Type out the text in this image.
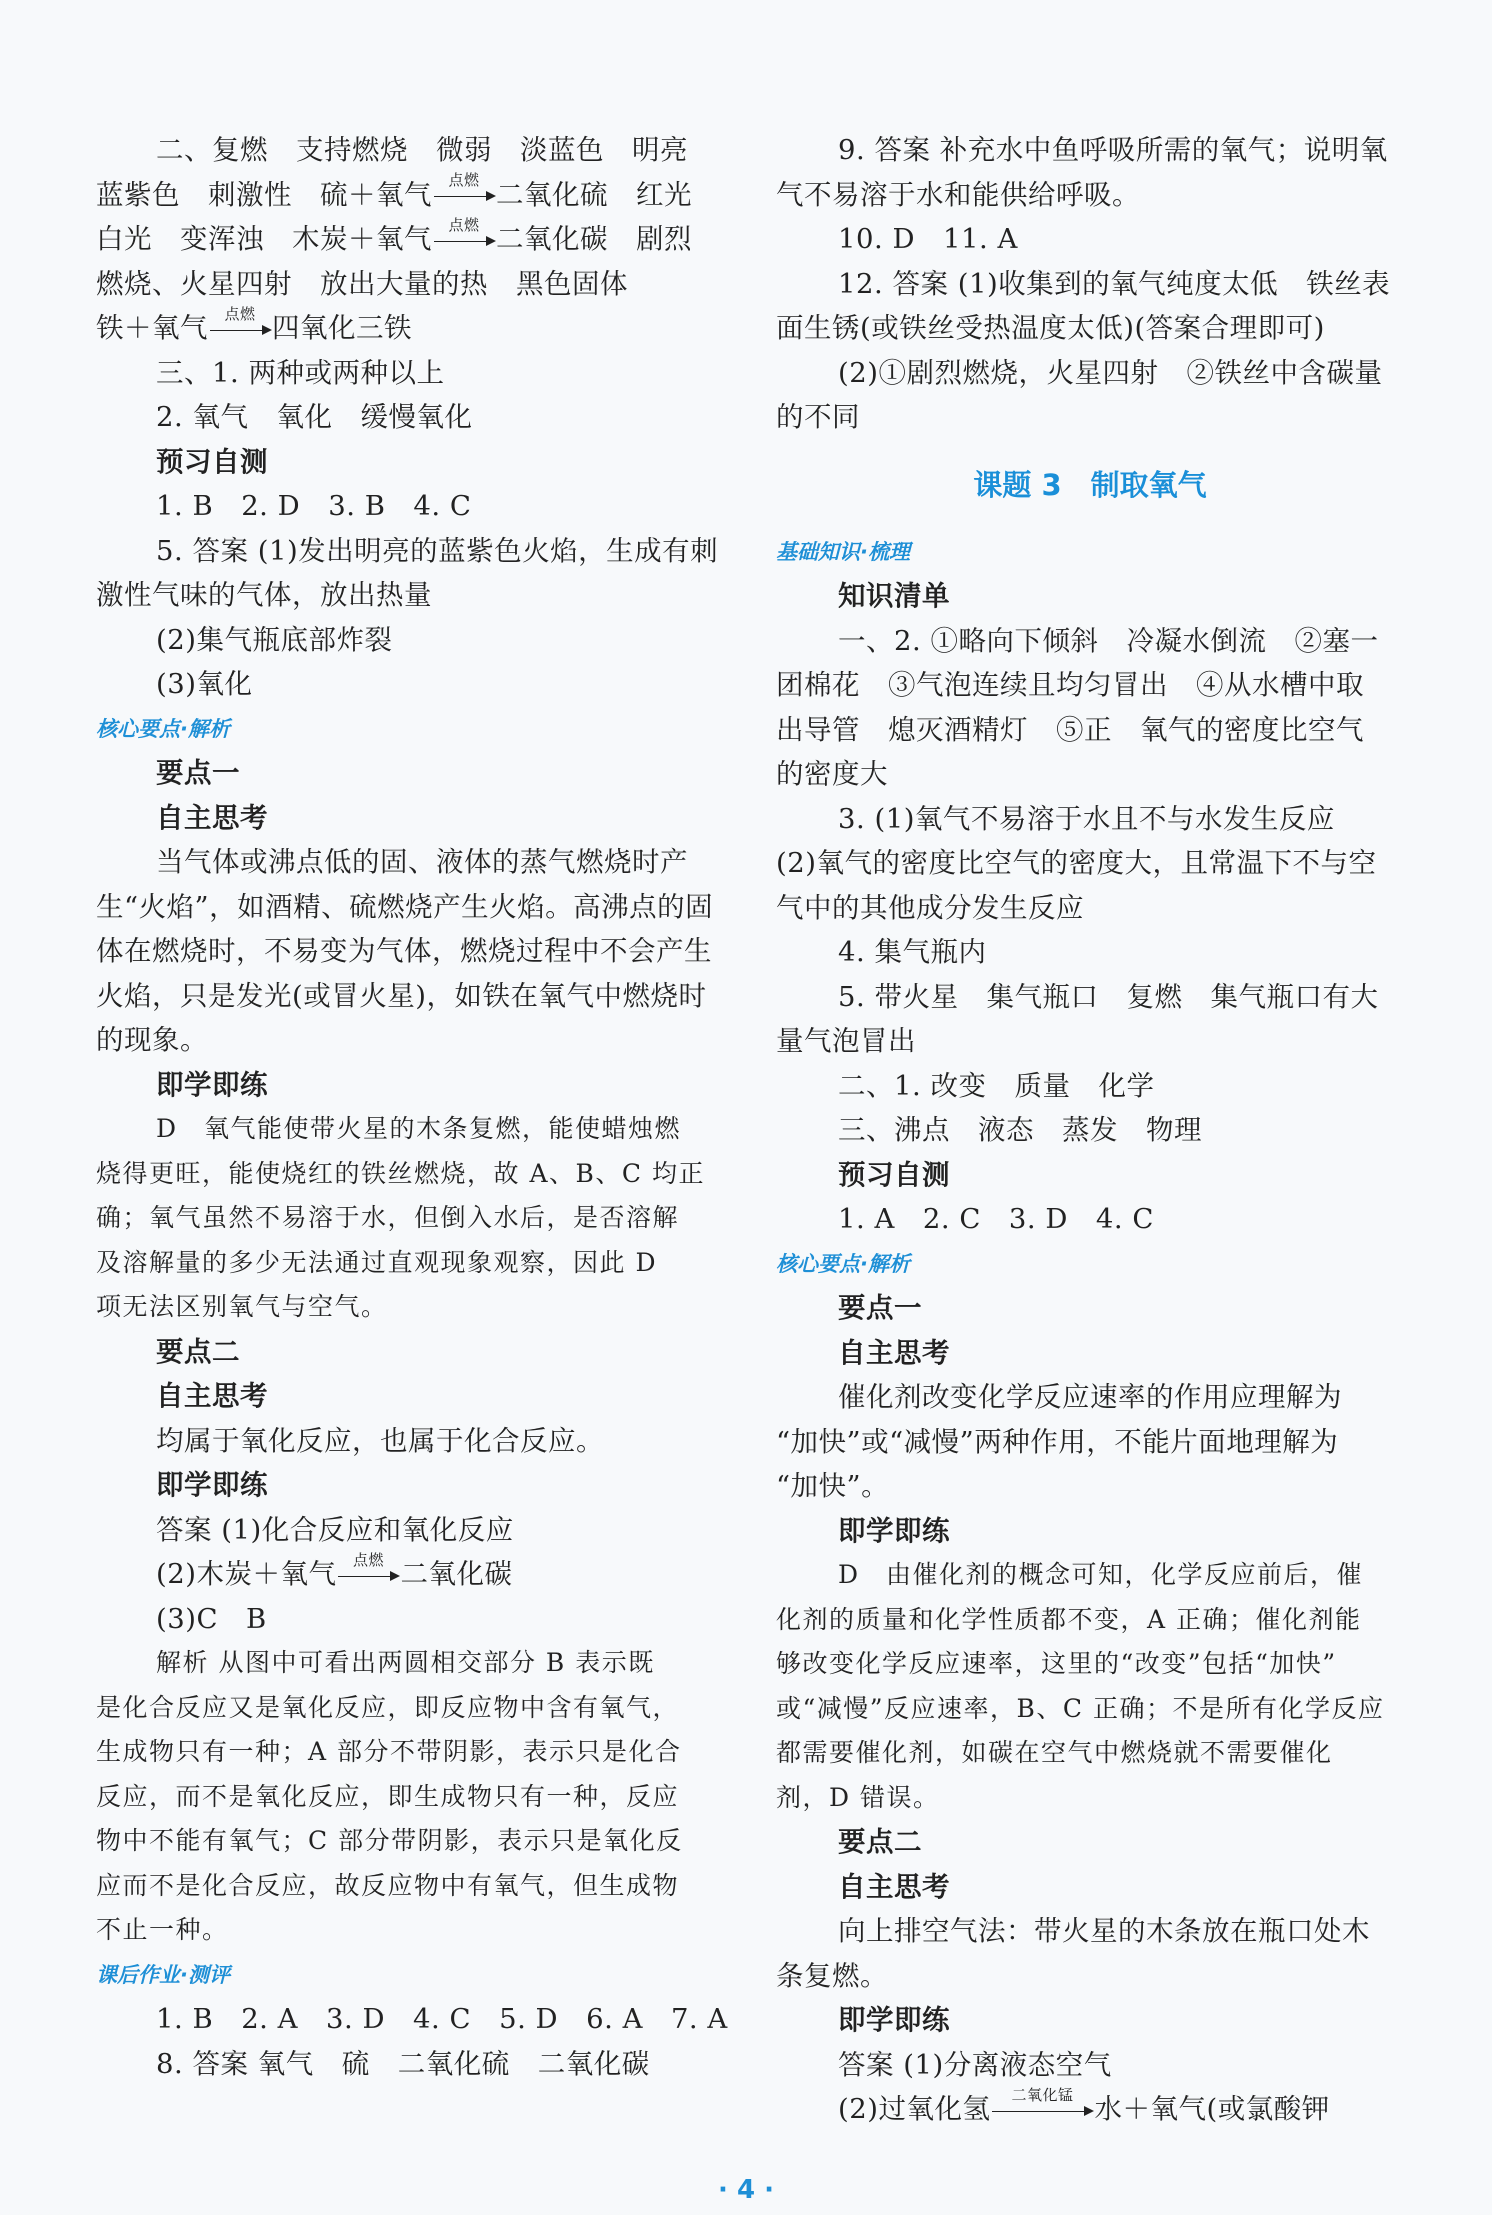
二、复燃　支持燃烧　微弱　淡蓝色　明亮
蓝紫色　刺激性　硫＋氧气	点燃 二氧化硫　红光
白光　变浑浊　木炭＋氧气	点燃 二氧化碳　剧烈
燃烧、火星四射　放出大量的热　黑色固体
铁＋氧气	点燃 四氧化三铁
三、1. 两种或两种以上
2. 氧气　氧化　缓慢氧化
预习自测
1. B　2. D　3. B　4. C
5. 答案 (1)发出明亮的蓝紫色火焰，生成有刺
激性气味的气体，放出热量
(2)集气瓶底部炸裂
(3)氧化
核心要点·解析
要点一
自主思考
当气体或沸点低的固、液体的蒸气燃烧时产
生“火焰”，如酒精、硫燃烧产生火焰。高沸点的固
体在燃烧时，不易变为气体，燃烧过程中不会产生
火焰，只是发光(或冒火星)，如铁在氧气中燃烧时
的现象。
即学即练
D　氧气能使带火星的木条复燃，能使蜡烛燃
烧得更旺，能使烧红的铁丝燃烧，故 A、B、C 均正
确；氧气虽然不易溶于水，但倒入水后，是否溶解
及溶解量的多少无法通过直观现象观察，因此 D
项无法区别氧气与空气。
要点二
自主思考
均属于氧化反应，也属于化合反应。
即学即练
答案 (1)化合反应和氧化反应
(2)木炭＋氧气	点燃 二氧化碳
(3)C　B
解析 从图中可看出两圆相交部分 B 表示既
是化合反应又是氧化反应，即反应物中含有氧气，
生成物只有一种；A 部分不带阴影，表示只是化合
反应，而不是氧化反应，即生成物只有一种，反应
物中不能有氧气；C 部分带阴影，表示只是氧化反
应而不是化合反应，故反应物中有氧气，但生成物
不止一种。
课后作业·测评
1. B　2. A　3. D　4. C　5. D　6. A　7. A
8. 答案 氧气　硫　二氧化硫　二氧化碳
9. 答案 补充水中鱼呼吸所需的氧气；说明氧
气不易溶于水和能供给呼吸。
10. D　11. A
12. 答案 (1)收集到的氧气纯度太低　铁丝表
面生锈(或铁丝受热温度太低)(答案合理即可)
(2)①剧烈燃烧，火星四射　②铁丝中含碳量
的不同
课题 3　制取氧气
基础知识·梳理
知识清单
一、2. ①略向下倾斜　冷凝水倒流　②塞一
团棉花　③气泡连续且均匀冒出　④从水槽中取
出导管　熄灭酒精灯　⑤正　氧气的密度比空气
的密度大
3. (1)氧气不易溶于水且不与水发生反应
(2)氧气的密度比空气的密度大，且常温下不与空
气中的其他成分发生反应
4. 集气瓶内
5. 带火星　集气瓶口　复燃　集气瓶口有大
量气泡冒出
二、1. 改变　质量　化学
三、沸点　液态　蒸发　物理
预习自测
1. A　2. C　3. D　4. C
核心要点·解析
要点一
自主思考
催化剂改变化学反应速率的作用应理解为
“加快”或“减慢”两种作用，不能片面地理解为
“加快”。
即学即练
D　由催化剂的概念可知，化学反应前后，催
化剂的质量和化学性质都不变，A 正确；催化剂能
够改变化学反应速率，这里的“改变”包括“加快”
或“减慢”反应速率，B、C 正确；不是所有化学反应
都需要催化剂，如碳在空气中燃烧就不需要催化
剂，D 错误。
要点二
自主思考
向上排空气法：带火星的木条放在瓶口处木
条复燃。
即学即练
答案 (1)分离液态空气
(2)过氧化氢	二氧化锰 水＋氧气(或氯酸钾
· 4 ·
